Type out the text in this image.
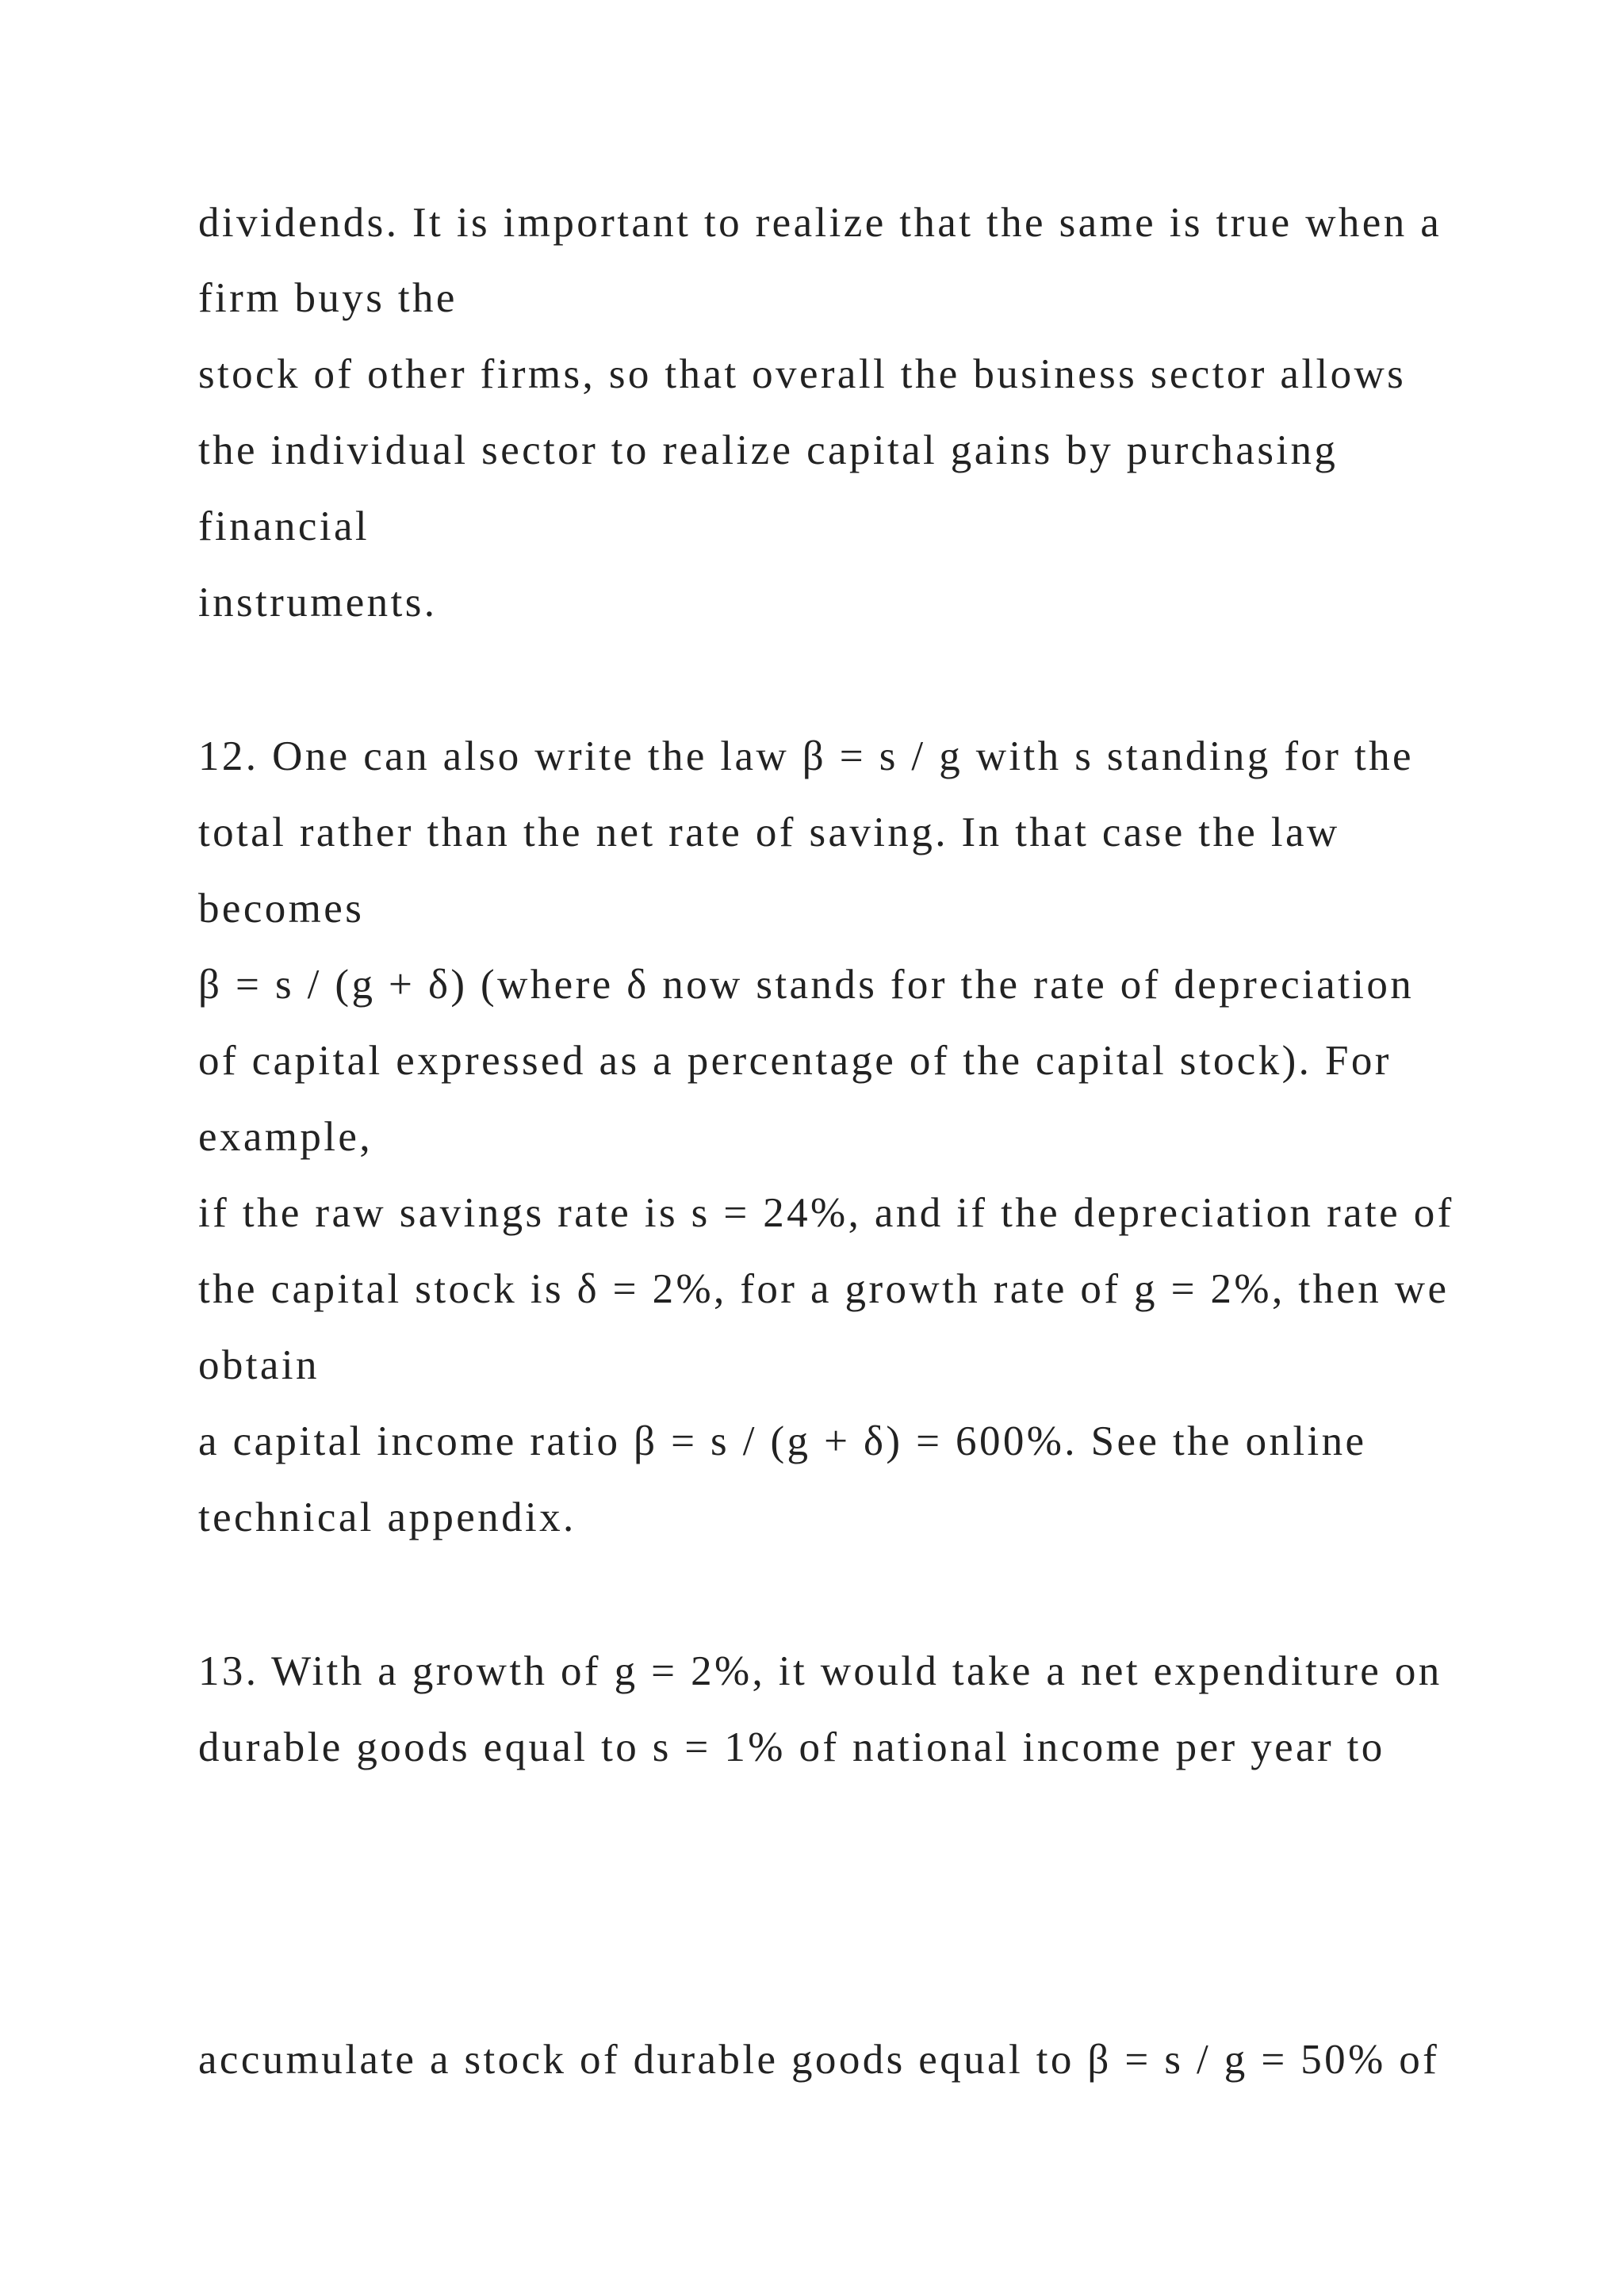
dividends. It is important to realize that the same is true when a
firm buys the
stock of other firms, so that overall the business sector allows
the individual sector to realize capital gains by purchasing
financial
instruments.
12. One can also write the law β = s / g with s standing for the
total rather than the net rate of saving. In that case the law
becomes
β = s / (g + δ) (where δ now stands for the rate of depreciation
of capital expressed as a percentage of the capital stock). For
example,
if the raw savings rate is s = 24%, and if the depreciation rate of
the capital stock is δ = 2%, for a growth rate of g = 2%, then we
obtain
a capital income ratio β = s / (g + δ) = 600%. See the online
technical appendix.
13. With a growth of g = 2%, it would take a net expenditure on
durable goods equal to s = 1% of national income per year to
accumulate a stock of durable goods equal to β = s / g = 50% of
